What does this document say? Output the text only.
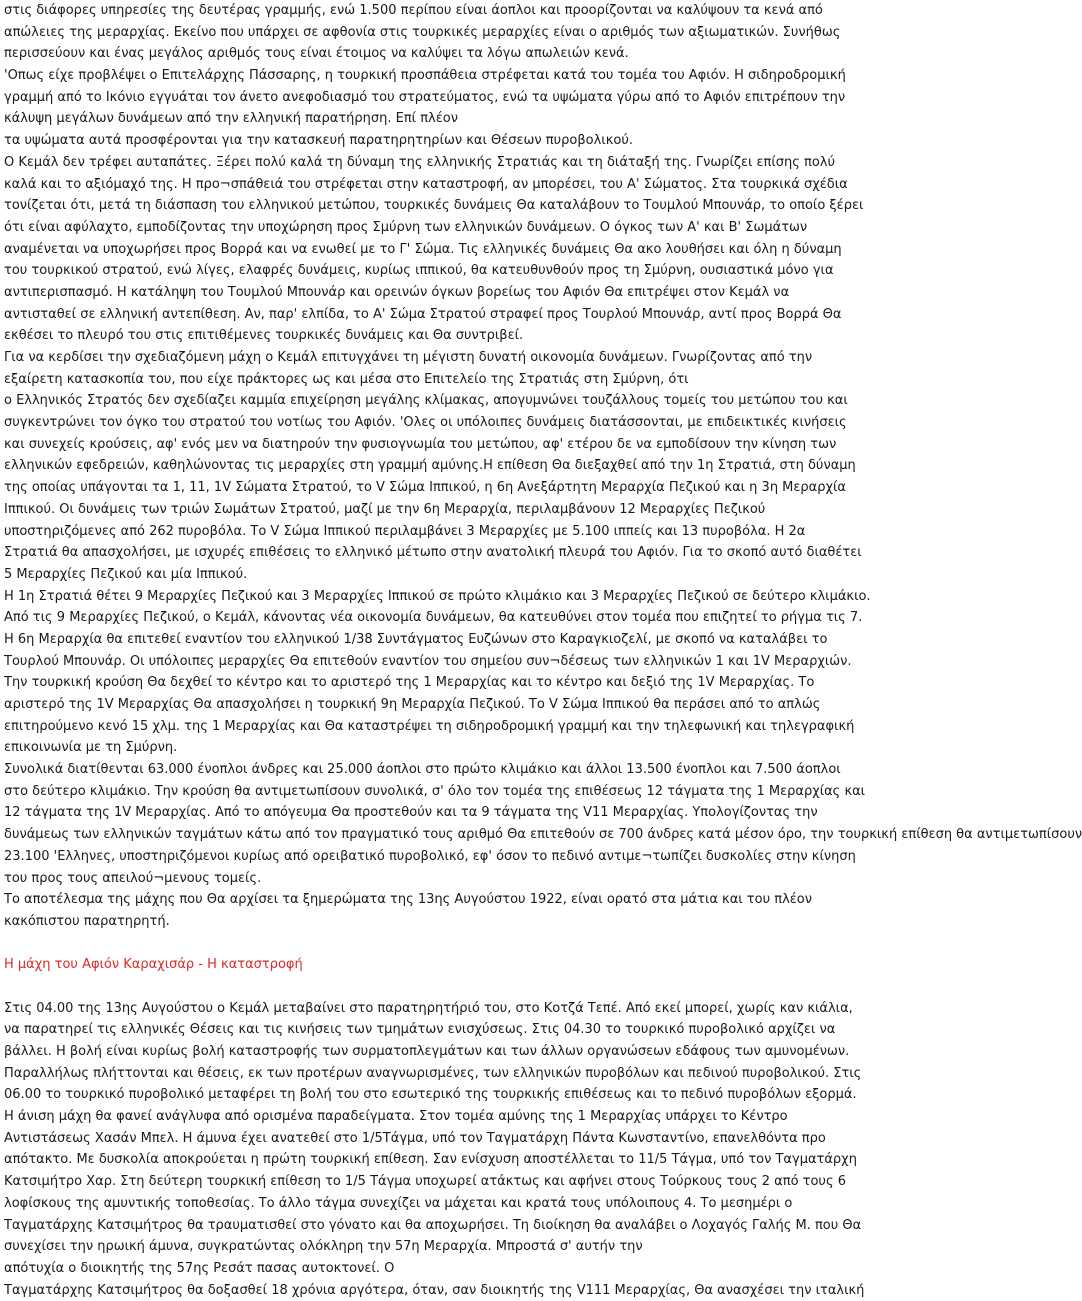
στις διάφορες υπηρεσίες της δευτέρας γραμμής, ενώ 1.500 περίπου είναι άοπλοι και προορίζονται να καλύψουν τα κενά από
απώλειες της μεραρχίας. Εκείνο που υπάρχει σε αφθονία στις τουρκικές μεραρχίες είναι ο αριθμός των αξιωματικών. Συνήθως
περισσεύουν και ένας μεγάλος αριθμός τους είναι έτοιμος να καλύψει τα λόγω απωλειών κενά.
'Οπως είχε προβλέψει ο Επιτελάρχης Πάσσαρης, η τουρκική προσπάθεια στρέφεται κατά του τομέα του Αφιόν. Η σιδηροδρομική
γραμμή από το Ικόνιο εγγυάται τον άνετο ανεφοδιασμό του στρατεύματος, ενώ τα υψώματα γύρω από το Αφιόν επιτρέπουν την
κάλυψη μεγάλων δυνάμεων από την ελληνική παρατήρηση. Επί πλέον
τα υψώματα αυτά προσφέρονται για την κατασκευή παρατηρητηρίων και Θέσεων πυροβολικού.
Ο Κεμάλ δεν τρέφει αυταπάτες. Ξέρει πολύ καλά τη δύναμη της ελληνικής Στρατιάς και τη διάταξή της. Γνωρίζει επίσης πολύ
καλά και το αξιόμαχό της. Η προ¬σπάθειά του στρέφεται στην καταστροφή, αν μπορέσει, του Α' Σώματος. Στα τουρκικά σχέδια
τονίζεται ότι, μετά τη διάσπαση του ελληνικού μετώπου, τουρκικές δυνάμεις Θα καταλάβουν το Τουμλού Μπουνάρ, το οποίο ξέρει
ότι είναι αφύλαχτο, εμποδίζοντας την υποχώρηση προς Σμύρνη των ελληνικών δυνάμεων. Ο όγκος των Α' και Β' Σωμάτων
αναμένεται να υποχωρήσει προς Βορρά και να ενωθεί με το Γ' Σώμα. Τις ελληνικές δυνάμεις Θα ακο λουθήσει και όλη η δύναμη
του τουρκικού στρατού, ενώ λίγες, ελαφρές δυνάμεις, κυρίως ιππικού, θα κατευθυνθούν προς τη Σμύρνη, ουσιαστικά μόνο για
αντιπερισπασμό. Η κατάληψη του Τουμλού Μπουνάρ και ορεινών όγκων βορείως του Αφιόν Θα επιτρέψει στον Κεμάλ να
αντισταθεί σε ελληνική αντεπίθεση. Αν, παρ' ελπίδα, το Α' Σώμα Στρατού στραφεί προς Τουρλού Μπουνάρ, αντί προς Βορρά Θα
εκθέσει το πλευρό του στις επιτιθέμενες τουρκικές δυνάμεις και Θα συντριβεί.
Για να κερδίσει την σχεδιαζόμενη μάχη ο Κεμάλ επιτυγχάνει τη μέγιστη δυνατή οικονομία δυνάμεων. Γνωρίζοντας από την
εξαίρετη κατασκοπία του, που είχε πράκτορες ως και μέσα στο Επιτελείο της Στρατιάς στη Σμύρνη, ότι
ο Ελληνικός Στρατός δεν σχεδίαζει καμμία επιχείρηση μεγάλης κλίμακας, απογυμνώνει τουζάλλους τομείς του μετώπου του και
συγκεντρώνει τον όγκο του στρατού του νοτίως του Αφιόν. 'Ολες οι υπόλοιπες δυνάμεις διατάσσονται, με επιδεικτικές κινήσεις
και συνεχείς κρούσεις, αφ' ενός μεν να διατηρούν την φυσιογνωμία του μετώπου, αφ' ετέρου δε να εμποδίσουν την κίνηση των
ελληνικών εφεδρειών, καθηλώνοντας τις μεραρχίες στη γραμμή αμύνης.Η επίθεση Θα διεξαχθεί από την 1η Στρατιά, στη δύναμη
της οποίας υπάγονται τα 1, 11, 1V Σώματα Στρατού, το V Σώμα Ιππικού, η 6η Ανεξάρτητη Μεραρχία Πεζικού και η 3η Μεραρχία
Ιππικού. Οι δυνάμεις των τριών Σωμάτων Στρατού, μαζί με την 6η Μεραρχία, περιλαμβάνουν 12 Μεραρχίες Πεζικού
υποστηριζόμενες από 262 πυροβόλα. Το V Σώμα Ιππικού περιλαμβάνει 3 Μεραρχίες με 5.100 ιππείς και 13 πυροβόλα. Η 2α
Στρατιά θα απασχολήσει, με ισχυρές επιθέσεις το ελληνικό μέτωπο στην ανατολική πλευρά του Αφιόν. Για το σκοπό αυτό διαθέτει
5 Μεραρχίες Πεζικού και μία Ιππικού.
Η 1η Στρατιά θέτει 9 Μεραρχίες Πεζικού και 3 Μεραρχίες Ιππικού σε πρώτο κλιμάκιο και 3 Μεραρχίες Πεζικού σε δεύτερο κλιμάκιο.
Από τις 9 Μεραρχίες Πεζικού, ο Κεμάλ, κάνοντας νέα οικονομία δυνάμεων, θα κατευθύνει στον τομέα που επιζητεί το ρήγμα τις 7.
Η 6η Μεραρχία θα επιτεθεί εναντίον του ελληνικού 1/38 Συντάγματος Ευζώνων στο Καραγκιοζελί, με σκοπό να καταλάβει το
Τουρλού Μπουνάρ. Οι υπόλοιπες μεραρχίες Θα επιτεθούν εναντίον του σημείου συν¬δέσεως των ελληνικών 1 και 1V Μεραρχιών.
Την τουρκική κρούση Θα δεχθεί το κέντρο και το αριστερό της 1 Μεραρχίας και το κέντρο και δεξιό της 1V Μεραρχίας. Το
αριστερό της 1V Μεραρχίας Θα απασχολήσει η τουρκική 9η Μεραρχία Πεζικού. Το V Σώμα Ιππικού θα περάσει από το απλώς
επιτηρούμενο κενό 15 χλμ. της 1 Μεραρχίας και Θα καταστρέψει τη σιδηροδρομική γραμμή και την τηλεφωνική και τηλεγραφική
επικοινωνία με τη Σμύρνη.
Συνολικά διατίθενται 63.000 ένοπλοι άνδρες και 25.000 άοπλοι στο πρώτο κλιμάκιο και άλλοι 13.500 ένοπλοι και 7.500 άοπλοι
στο δεύτερο κλιμάκιο. Την κρούση θα αντιμετωπίσουν συνολικά, σ' όλο τον τομέα της επιθέσεως 12 τάγματα της 1 Μεραρχίας και
12 τάγματα της 1V Μεραρχίας. Από το απόγευμα Θα προστεθούν και τα 9 τάγματα της V11 Μεραρχίας. Υπολογίζοντας την
δυνάμεως των ελληνικών ταγμάτων κάτω από τον πραγματικό τους αριθμό Θα επιτεθούν σε 700 άνδρες κατά μέσον όρο, την τουρκική επίθεση θα αντιμετωπίσουν
23.100 'Ελληνες, υποστηριζόμενοι κυρίως από ορειβατικό πυροβολικό, εφ' όσον το πεδινό αντιμε¬τωπίζει δυσκολίες στην κίνηση
του προς τους απειλού¬μενους τομείς.
Το αποτέλεσμα της μάχης που Θα αρχίσει τα ξημερώματα της 13ης Αυγούστου 1922, είναι ορατό στα μάτια και του πλέον
κακόπιστου παρατηρητή.
Η μάχη του Αφιόν Καραχισάρ - Η καταστροφή
Στις 04.00 της 13ης Αυγούστου ο Κεμάλ μεταβαίνει στο παρατηρητήριό του, στο Κοτζά Τεπέ. Από εκεί μπορεί, χωρίς καν κιάλια,
να παρατηρεί τις ελληνικές Θέσεις και τις κινήσεις των τμημάτων ενισχύσεως. Στις 04.30 το τουρκικό πυροβολικό αρχίζει να
βάλλει. Η βολή είναι κυρίως βολή καταστροφής των συρματοπλεγμάτων και των άλλων οργανώσεων εδάφους των αμυνομένων.
Παραλλήλως πλήττονται και θέσεις, εκ των προτέρων αναγνωρισμένες, των ελληνικών πυροβόλων και πεδινού πυροβολικού. Στις
06.00 το τουρκικό πυροβολικό μεταφέρει τη βολή του στο εσωτερικό της τουρκικής επιθέσεως και το πεδινό πυροβόλων εξορμά.
Η άνιση μάχη θα φανεί ανάγλυφα από ορισμένα παραδείγματα. Στον τομέα αμύνης της 1 Μεραρχίας υπάρχει το Κέντρο
Αντιστάσεως Χασάν Μπελ. Η άμυνα έχει ανατεθεί στο 1/5Τάγμα, υπό τον Ταγματάρχη Πάντα Κωνσταντίνο, επανελθόντα προ
απότακτο. Με δυσκολία αποκρούεται η πρώτη τουρκική επίθεση. Σαν ενίσχυση αποστέλλεται το 11/5 Τάγμα, υπό τον Ταγματάρχη
Κατσιμήτρο Χαρ. Στη δεύτερη τουρκική επίθεση το 1/5 Τάγμα υποχωρεί ατάκτως και αφήνει στους Τούρκους τους 2 από τους 6
λοφίσκους της αμυντικής τοποθεσίας. Το άλλο τάγμα συνεχίζει να μάχεται και κρατά τους υπόλοιπους 4. Το μεσημέρι ο
Ταγματάρχης Κατσιμήτρος θα τραυματισθεί στο γόνατο και θα αποχωρήσει. Τη διοίκηση θα αναλάβει ο Λοχαγός Γαλής Μ. που Θα
συνεχίσει την ηρωική άμυνα, συγκρατώντας ολόκληρη την 57η Μεραρχία. Μπροστά σ' αυτήν την
απότυχία ο διοικητής της 57ης Ρεσάτ πασας αυτοκτονεί. Ο
Ταγματάρχης Κατσιμήτρος θα δοξασθεί 18 χρόνια αργότερα, όταν, σαν διοικητής της V111 Μεραρχίας, Θα ανασχέσει την ιταλική
